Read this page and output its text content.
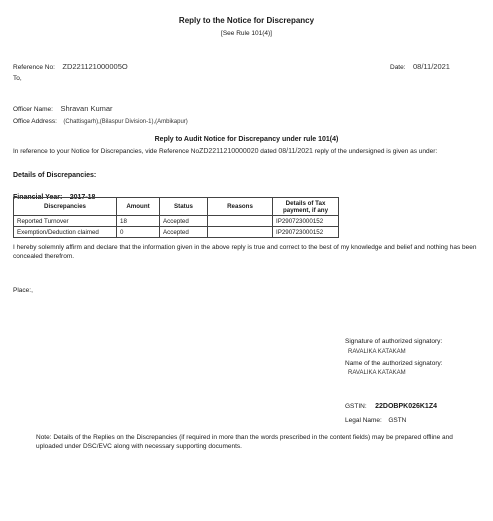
Reply to the Notice for Discrepancy
[See Rule 101(4)]
Reference No: ZD221121000005O	Date: 08/11/2021
To,
Officer Name: Shravan Kumar
Office Address: (Chattisgarh),(Bilaspur Division-1),(Ambikapur)
Reply to Audit Notice for Discrepancy under rule 101(4)
In reference to your Notice for Discrepancies, vide Reference NoZD2211210000020 dated 08/11/2021 reply of the undersigned is given as under:
Details of Discrepancies:
Financial Year: 2017-18
Discrepancies	Amount	Status	Reasons	Details of Tax payment, if any
Reported Turnover	18	Accepted		IP290723000152
Exemption/Deduction claimed	0	Accepted		IP290723000152
I hereby solemnly affirm and declare that the information given in the above reply is true and correct to the best of my knowledge and belief and nothing has been concealed therefrom.
Place:,
Signature of authorized signatory:
RAVALIKA KATAKAM
Name of the authorized signatory:
RAVALIKA KATAKAM
GSTIN: 22DOBPK026K1Z4
Legal Name: GSTN
Note: Details of the Replies on the Discrepancies (if required in more than the words prescribed in the content fields) may be prepared offline and uploaded under DSC/EVC along with necessary supporting documents.
